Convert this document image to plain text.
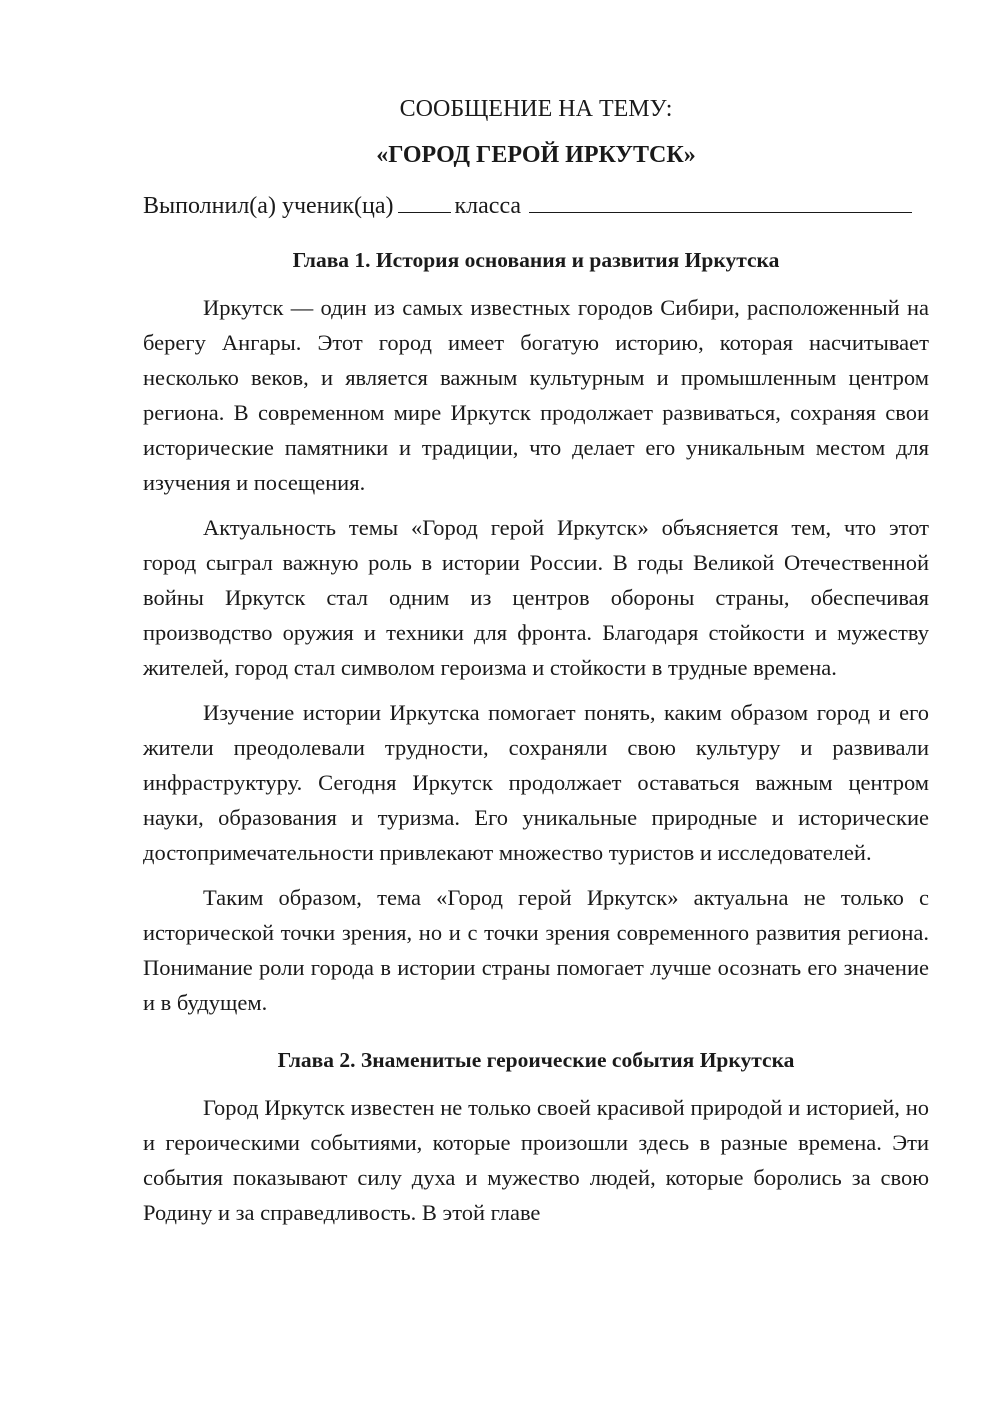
СООБЩЕНИЕ НА ТЕМУ:

«ГОРОД ГЕРОЙ ИРКУТСК»

Выполнил(а) ученик(ца)	класса

Глава 1. История основания и развития Иркутска

Иркутск — один из самых известных городов Сибири, расположенный на берегу Ангары. Этот город имеет богатую историю, которая насчитывает несколько веков, и является важным культурным и промышленным центром региона. В современном мире Иркутск продолжает развиваться, сохраняя свои исторические памятники и традиции, что делает его уникальным местом для изучения и посещения.

Актуальность темы «Город герой Иркутск» объясняется тем, что этот город сыграл важную роль в истории России. В годы Великой Отечественной войны Иркутск стал одним из центров обороны страны, обеспечивая производство оружия и техники для фронта. Благодаря стойкости и мужеству жителей, город стал символом героизма и стойкости в трудные времена.

Изучение истории Иркутска помогает понять, каким образом город и его жители преодолевали трудности, сохраняли свою культуру и развивали инфраструктуру. Сегодня Иркутск продолжает оставаться важным центром науки, образования и туризма. Его уникальные природные и исторические достопримечательности привлекают множество туристов и исследователей.

Таким образом, тема «Город герой Иркутск» актуальна не только с исторической точки зрения, но и с точки зрения современного развития региона. Понимание роли города в истории страны помогает лучше осознать его значение и в будущем.

Глава 2. Знаменитые героические события Иркутска

Город Иркутск известен не только своей красивой природой и историей, но и героическими событиями, которые произошли здесь в разные времена. Эти события показывают силу духа и мужество людей, которые боролись за свою Родину и за справедливость. В этой главе
